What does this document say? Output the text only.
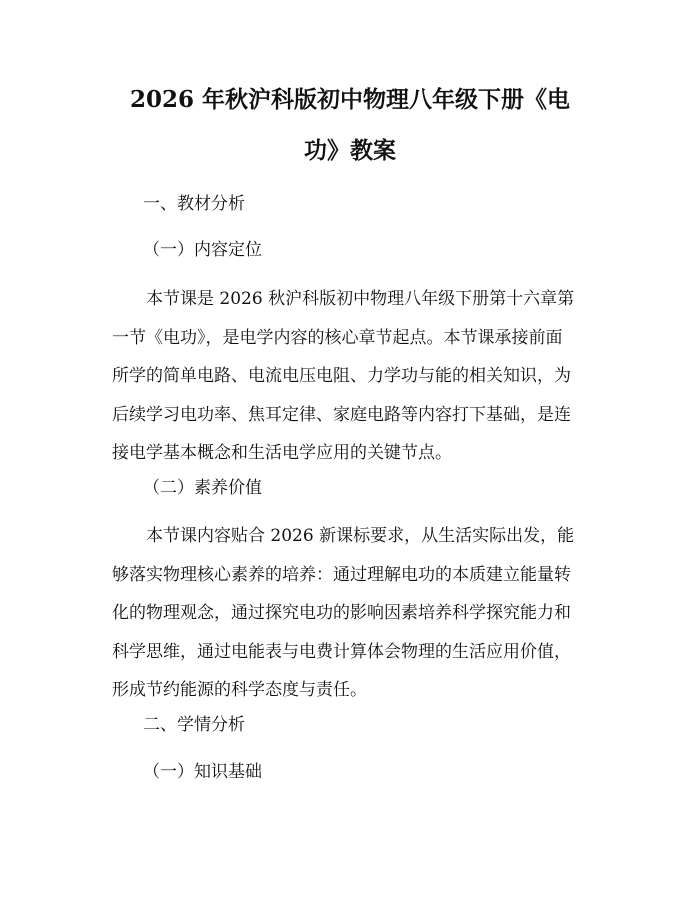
2026 年秋沪科版初中物理八年级下册《电
功》教案

一、教材分析

（一）内容定位

　　本节课是 2026 秋沪科版初中物理八年级下册第十六章第
一节《电功》，是电学内容的核心章节起点。本节课承接前面
所学的简单电路、电流电压电阻、力学功与能的相关知识，为
后续学习电功率、焦耳定律、家庭电路等内容打下基础，是连
接电学基本概念和生活电学应用的关键节点。

（二）素养价值

　　本节课内容贴合 2026 新课标要求，从生活实际出发，能
够落实物理核心素养的培养：通过理解电功的本质建立能量转
化的物理观念，通过探究电功的影响因素培养科学探究能力和
科学思维，通过电能表与电费计算体会物理的生活应用价值，
形成节约能源的科学态度与责任。

二、学情分析

（一）知识基础
